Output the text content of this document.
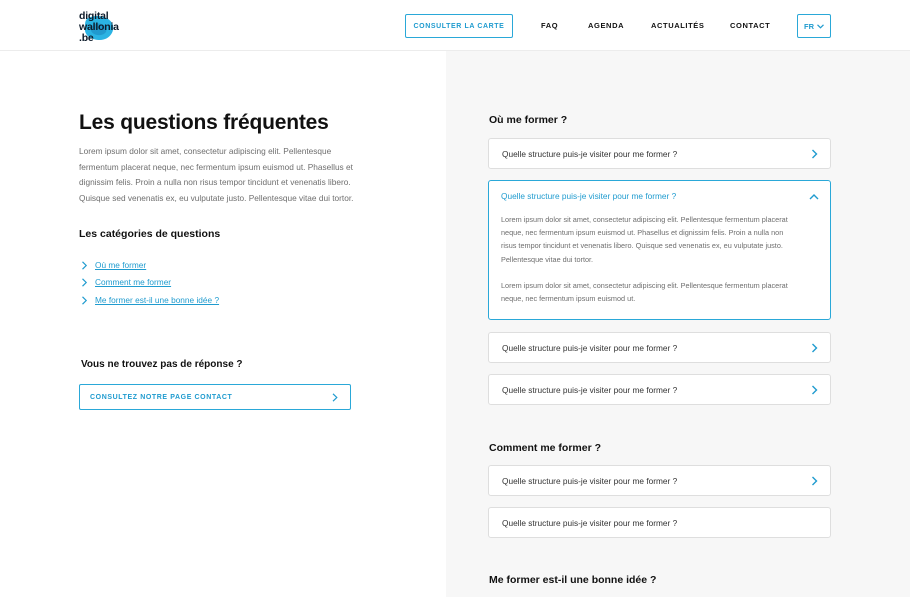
digital
wallonia
.be
CONSULTER LA CARTE	FAQ	AGENDA	ACTUALITÉS	CONTACT	FR
Les questions fréquentes

Lorem ipsum dolor sit amet, consectetur adipiscing elit. Pellentesque fermentum placerat neque, nec fermentum ipsum euismod ut. Phasellus et dignissim felis. Proin a nulla non risus tempor tincidunt et venenatis libero. Quisque sed venenatis ex, eu vulputate justo. Pellentesque vitae dui tortor.

Les catégories de questions
Où me former
Comment me former
Me former est-il une bonne idée ?
Vous ne trouvez pas de réponse ?
CONSULTEZ NOTRE PAGE CONTACT
Où me former ?
Quelle structure puis-je visiter pour me former ?
Quelle structure puis-je visiter pour me former ?

Lorem ipsum dolor sit amet, consectetur adipiscing elit. Pellentesque fermentum placerat neque, nec fermentum ipsum euismod ut. Phasellus et dignissim felis. Proin a nulla non risus tempor tincidunt et venenatis libero. Quisque sed venenatis ex, eu vulputate justo. Pellentesque vitae dui tortor.

Lorem ipsum dolor sit amet, consectetur adipiscing elit. Pellentesque fermentum placerat neque, nec fermentum ipsum euismod ut.

Quelle structure puis-je visiter pour me former ?
Quelle structure puis-je visiter pour me former ?
Comment me former ?
Quelle structure puis-je visiter pour me former ?
Quelle structure puis-je visiter pour me former ?
Me former est-il une bonne idée ?
